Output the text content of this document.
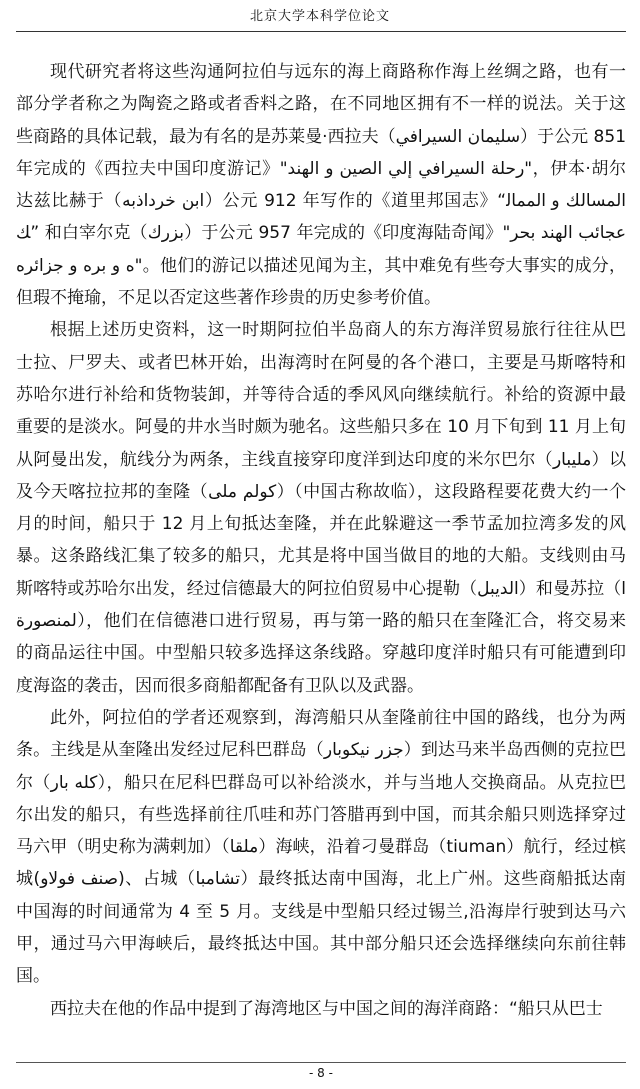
北京大学本科学位论文

现代研究者将这些沟通阿拉伯与远东的海上商路称作海上丝绸之路，也有一部分学者称之为陶瓷之路或者香料之路，在不同地区拥有不一样的说法。关于这些商路的具体记载，最为有名的是苏莱曼·西拉夫（سليمان السيرافي）于公元 851 年完成的《西拉夫中国印度游记》"رحلة السيرافي إلي الصين و الهند"，伊本·胡尔达兹比赫于（ابن خرداذبه）公元 912 年写作的《道里邦国志》“المسالك و الممالك” 和白宰尔克（بزرك）于公元 957 年完成的《印度海陆奇闻》"عجائب الهند بحره و بره و جزائره"。他们的游记以描述见闻为主，其中难免有些夸大事实的成分，但瑕不掩瑜，不足以否定这些著作珍贵的历史参考价值。

根据上述历史资料，这一时期阿拉伯半岛商人的东方海洋贸易旅行往往从巴士拉、尸罗夫、或者巴林开始，出海湾时在阿曼的各个港口，主要是马斯喀特和苏哈尔进行补给和货物装卸，并等待合适的季风风向继续航行。补给的资源中最重要的是淡水。阿曼的井水当时颇为驰名。这些船只多在 10 月下旬到 11 月上旬从阿曼出发，航线分为两条，主线直接穿印度洋到达印度的米尔巴尔（مليبار）以及今天喀拉拉邦的奎隆（كولم ملى）（中国古称故临），这段路程要花费大约一个月的时间，船只于 12 月上旬抵达奎隆，并在此躲避这一季节孟加拉湾多发的风暴。这条路线汇集了较多的船只，尤其是将中国当做目的地的大船。支线则由马斯喀特或苏哈尔出发，经过信德最大的阿拉伯贸易中心提勒（الديبل）和曼苏拉（المنصورة），他们在信德港口进行贸易，再与第一路的船只在奎隆汇合，将交易来的商品运往中国。中型船只较多选择这条线路。穿越印度洋时船只有可能遭到印度海盗的袭击，因而很多商船都配备有卫队以及武器。

此外，阿拉伯的学者还观察到，海湾船只从奎隆前往中国的路线，也分为两条。主线是从奎隆出发经过尼科巴群岛（جزر نيكوبار）到达马来半岛西侧的克拉巴尔（كله بار），船只在尼科巴群岛可以补给淡水，并与当地人交换商品。从克拉巴尔出发的船只，有些选择前往爪哇和苏门答腊再到中国，而其余船只则选择穿过马六甲（明史称为满剌加）（ملقا）海峡，沿着刁曼群岛（tiuman）航行，经过槟城(صنف فولاو)、占城（تشامبا）最终抵达南中国海，北上广州。这些商船抵达南中国海的时间通常为 4 至 5 月。支线是中型船只经过锡兰,沿海岸行驶到达马六甲，通过马六甲海峡后，最终抵达中国。其中部分船只还会选择继续向东前往韩国。

西拉夫在他的作品中提到了海湾地区与中国之间的海洋商路：“船只从巴士

- 8 -
